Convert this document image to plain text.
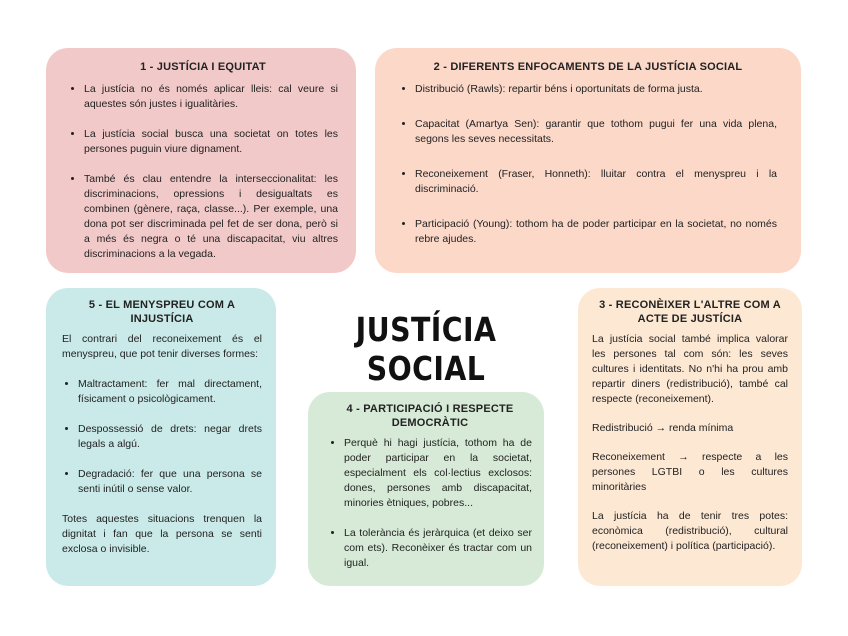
1 - JUSTÍCIA I EQUITAT
• La justícia no és només aplicar lleis: cal veure si aquestes són justes i igualitàries.
• La justícia social busca una societat on totes les persones puguin viure dignament.
• També és clau entendre la interseccionalitat: les discriminacions, opressions i desigualtats es combinen (gènere, raça, classe...). Per exemple, una dona pot ser discriminada pel fet de ser dona, però si a més és negra o té una discapacitat, viu altres discriminacions a la vegada.
2 - DIFERENTS ENFOCAMENTS DE LA JUSTÍCIA SOCIAL
• Distribució (Rawls): repartir béns i oportunitats de forma justa.
• Capacitat (Amartya Sen): garantir que tothom pugui fer una vida plena, segons les seves necessitats.
• Reconeixement (Fraser, Honneth): lluitar contra el menyspreu i la discriminació.
• Participació (Young): tothom ha de poder participar en la societat, no només rebre ajudes.
5 - EL MENYSPREU COM A INJUSTÍCIA

El contrari del reconeixement és el menyspreu, que pot tenir diverses formes:

• Maltractament: fer mal directament, físicament o psicològicament.
• Despossessió de drets: negar drets legals a algú.
• Degradació: fer que una persona se senti inútil o sense valor.

Totes aquestes situacions trenquen la dignitat i fan que la persona se senti exclosa o invisible.

JUSTÍCIA SOCIAL
4 - PARTICIPACIÓ I RESPECTE DEMOCRÀTIC
• Perquè hi hagi justícia, tothom ha de poder participar en la societat, especialment els col·lectius exclosos: dones, persones amb discapacitat, minories ètniques, pobres...
• La tolerància és jeràrquica (et deixo ser com ets). Reconèixer és tractar com un igual.
3 - RECONÈIXER L'ALTRE COM A ACTE DE JUSTÍCIA

La justícia social també implica valorar les persones tal com són: les seves cultures i identitats. No n'hi ha prou amb repartir diners (redistribució), també cal respecte (reconeixement).

Redistribució → renda mínima

Reconeixement → respecte a les persones LGTBI o les cultures minoritàries

La justícia ha de tenir tres potes: econòmica (redistribució), cultural (reconeixement) i política (participació).
